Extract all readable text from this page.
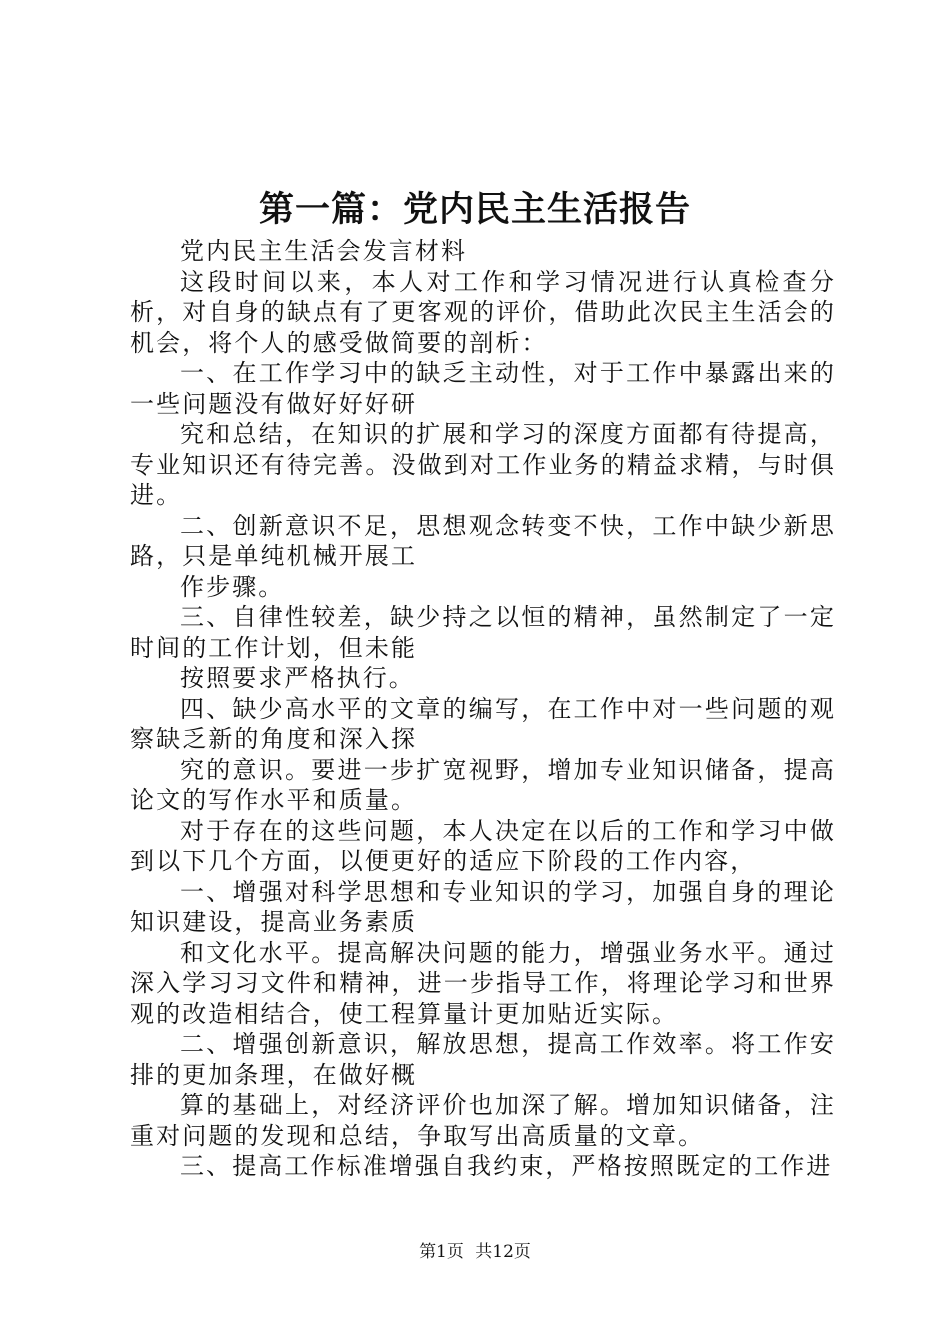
第一篇：党内民主生活报告

党内民主生活会发言材料

这段时间以来，本人对工作和学习情况进行认真检查分析，对自身的缺点有了更客观的评价，借助此次民主生活会的机会，将个人的感受做简要的剖析：

一、在工作学习中的缺乏主动性，对于工作中暴露出来的一些问题没有做好好好研

究和总结，在知识的扩展和学习的深度方面都有待提高，专业知识还有待完善。没做到对工作业务的精益求精，与时俱进。

二、创新意识不足，思想观念转变不快，工作中缺少新思路，只是单纯机械开展工

作步骤。

三、自律性较差，缺少持之以恒的精神，虽然制定了一定时间的工作计划，但未能

按照要求严格执行。

四、缺少高水平的文章的编写，在工作中对一些问题的观察缺乏新的角度和深入探

究的意识。要进一步扩宽视野，增加专业知识储备，提高论文的写作水平和质量。

对于存在的这些问题，本人决定在以后的工作和学习中做到以下几个方面，以便更好的适应下阶段的工作内容，

一、增强对科学思想和专业知识的学习，加强自身的理论知识建设，提高业务素质

和文化水平。提高解决问题的能力，增强业务水平。通过深入学习习文件和精神，进一步指导工作，将理论学习和世界观的改造相结合，使工程算量计更加贴近实际。

二、增强创新意识，解放思想，提高工作效率。将工作安排的更加条理，在做好概

算的基础上，对经济评价也加深了解。增加知识储备，注重对问题的发现和总结，争取写出高质量的文章。

三、提高工作标准增强自我约束，严格按照既定的工作进

第1页 共12页
